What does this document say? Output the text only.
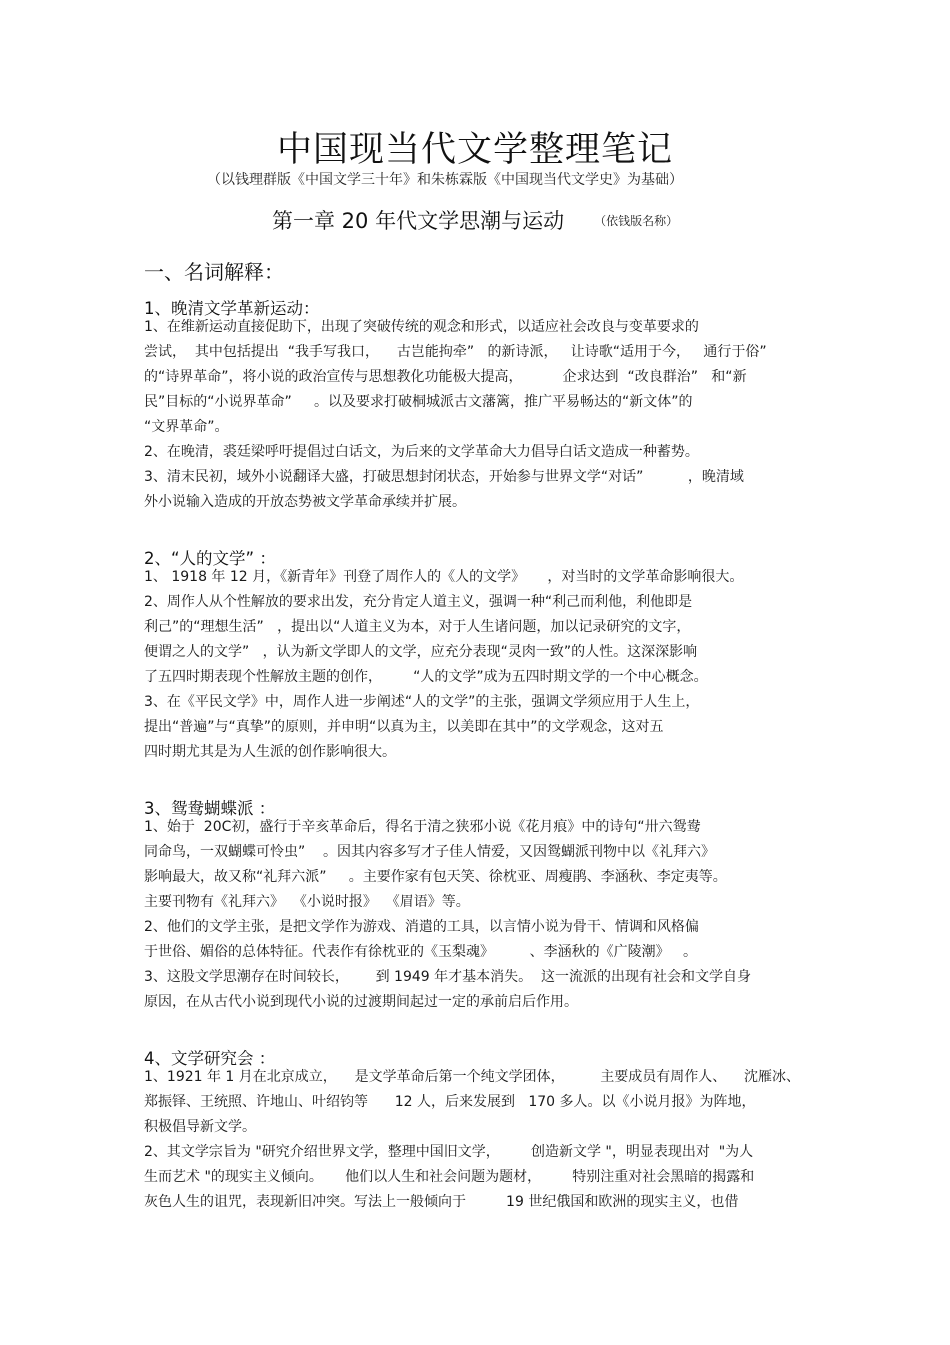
中国现当代文学整理笔记
（以钱理群版《中国文学三十年》和朱栋霖版《中国现当代文学史》为基础）
第一章 20 年代文学思潮与运动	（依钱版名称）
一、名词解释：
1、晚清文学革新运动：
1、在维新运动直接促助下，出现了突破传统的观念和形式，以适应社会改良与变革要求的
尝试，  其中包括提出  “我手写我口，    古岂能拘牵”   的新诗派，   让诗歌“适用于今，   通行于俗”
的“诗界革命”，将小说的政治宣传与思想教化功能极大提高，         企求达到  “改良群治”   和“新
民”目标的“小说界革命”     。以及要求打破桐城派古文藩篱，推广平易畅达的“新文体”的
“文界革命”。
2、在晚清，裘廷梁呼吁提倡过白话文，为后来的文学革命大力倡导白话文造成一种蓄势。
3、清末民初，域外小说翻译大盛，打破思想封闭状态，开始参与世界文学“对话”          ，晚清域
外小说输入造成的开放态势被文学革命承续并扩展。
2、“人的文学” ：
1、 1918 年 12 月，《新青年》刊登了周作人的《人的文学》     ，对当时的文学革命影响很大。
2、周作人从个性解放的要求出发，充分肯定人道主义，强调一种“利己而利他，利他即是
利己”的“理想生活”   ，提出以“人道主义为本，对于人生诸问题，加以记录研究的文字，
便谓之人的文学”   ，认为新文学即人的文学，应充分表现“灵肉一致”的人性。这深深影响
了五四时期表现个性解放主题的创作，       “人的文学”成为五四时期文学的一个中心概念。
3、在《平民文学》中，周作人进一步阐述“人的文学”的主张，强调文学须应用于人生上，
提出“普遍”与“真挚”的原则，并申明“以真为主，以美即在其中”的文学观念，这对五
四时期尤其是为人生派的创作影响很大。
3、鸳鸯蝴蝶派 ：
1、始于  20C初，盛行于辛亥革命后，得名于清之狭邪小说《花月痕》中的诗句“卅六鸳鸯
同命鸟，一双蝴蝶可怜虫”    。因其内容多写才子佳人情爱，又因鸳蝴派刊物中以《礼拜六》
影响最大，故又称“礼拜六派”     。主要作家有包天笑、徐枕亚、周瘦鹃、李涵秋、李定夷等。
主要刊物有《礼拜六》  《小说时报》  《眉语》等。
2、他们的文学主张，是把文学作为游戏、消遣的工具，以言情小说为骨干、情调和风格偏
于世俗、媚俗的总体特征。代表作有徐枕亚的《玉梨魂》        、李涵秋的《广陵潮》   。
3、这股文学思潮存在时间较长，      到 1949 年才基本消失。  这一流派的出现有社会和文学自身
原因，在从古代小说到现代小说的过渡期间起过一定的承前启后作用。
4、文学研究会 ：
1、1921 年 1 月在北京成立，    是文学革命后第一个纯文学团体，        主要成员有周作人、    沈雁冰、
郑振铎、王统照、许地山、叶绍钧等      12 人，后来发展到   170 多人。以《小说月报》为阵地，
积极倡导新文学。
2、其文学宗旨为 "研究介绍世界文学，整理中国旧文学，       创造新文学 "，明显表现出对  "为人
生而艺术 "的现实主义倾向。     他们以人生和社会问题为题材，       特别注重对社会黑暗的揭露和
灰色人生的诅咒，表现新旧冲突。写法上一般倾向于         19 世纪俄国和欧洲的现实主义，也借
